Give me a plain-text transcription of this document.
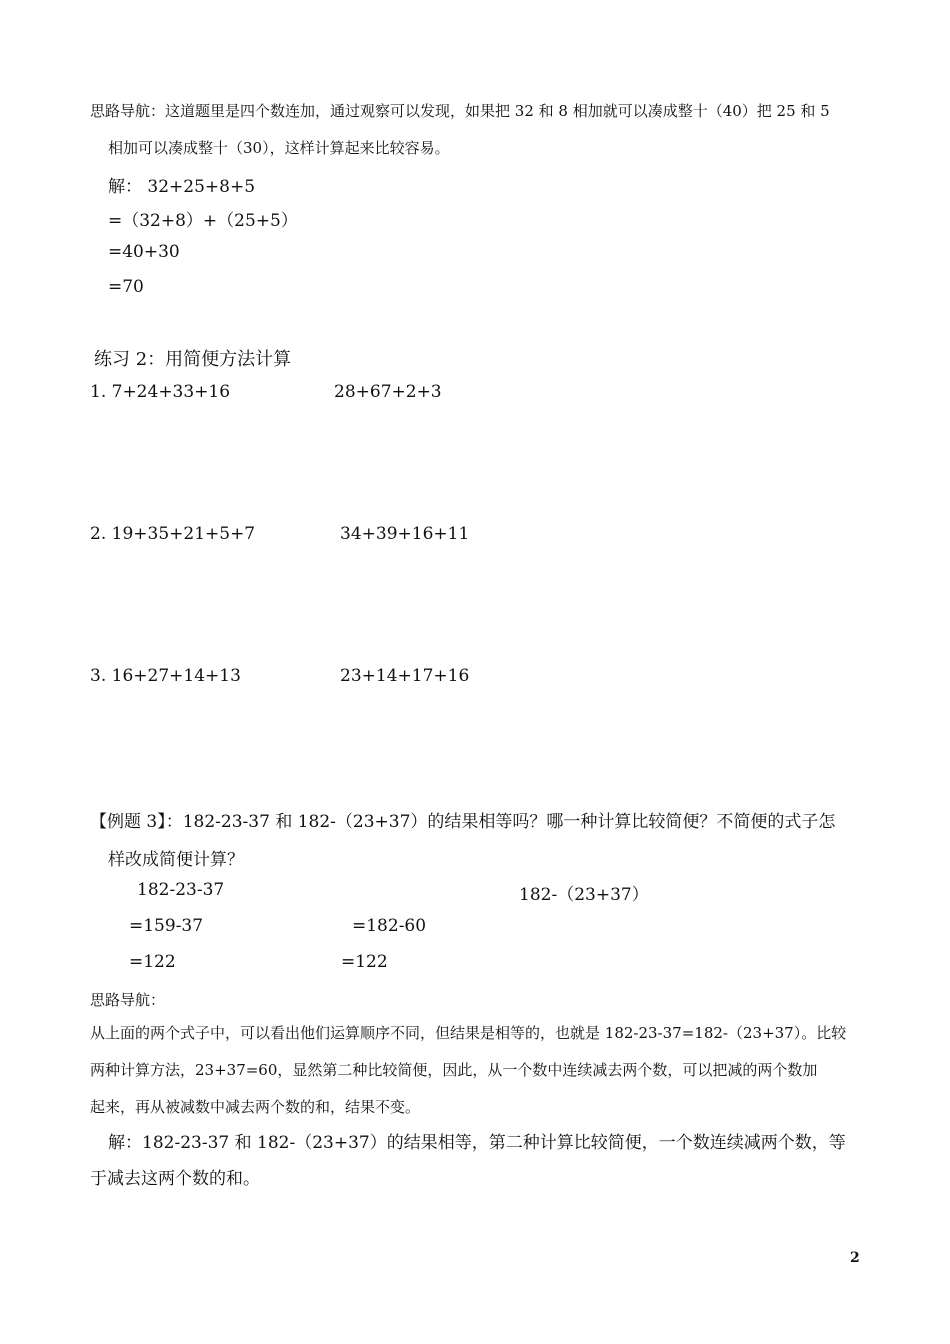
思路导航：这道题里是四个数连加，通过观察可以发现，如果把 32 和 8 相加就可以凑成整十（40）把 25 和 5
相加可以凑成整十（30），这样计算起来比较容易。
解： 32+25+8+5
=（32+8）+（25+5）
=40+30
=70
练习 2：用简便方法计算
1. 7+24+33+16	28+67+2+3
2. 19+35+21+5+7	34+39+16+11
3. 16+27+14+13	23+14+17+16
【例题 3】：182-23-37 和 182-（23+37）的结果相等吗？哪一种计算比较简便？不简便的式子怎
样改成简便计算？
182-23-37	182-（23+37）
=159-37	=182-60
=122	=122
思路导航：
从上面的两个式子中，可以看出他们运算顺序不同，但结果是相等的，也就是 182-23-37=182-（23+37）。比较
两种计算方法，23+37=60，显然第二种比较简便，因此，从一个数中连续减去两个数，可以把减的两个数加
起来，再从被减数中减去两个数的和，结果不变。
解：182-23-37 和 182-（23+37）的结果相等，第二种计算比较简便，一个数连续减两个数，等
于减去这两个数的和。
2
